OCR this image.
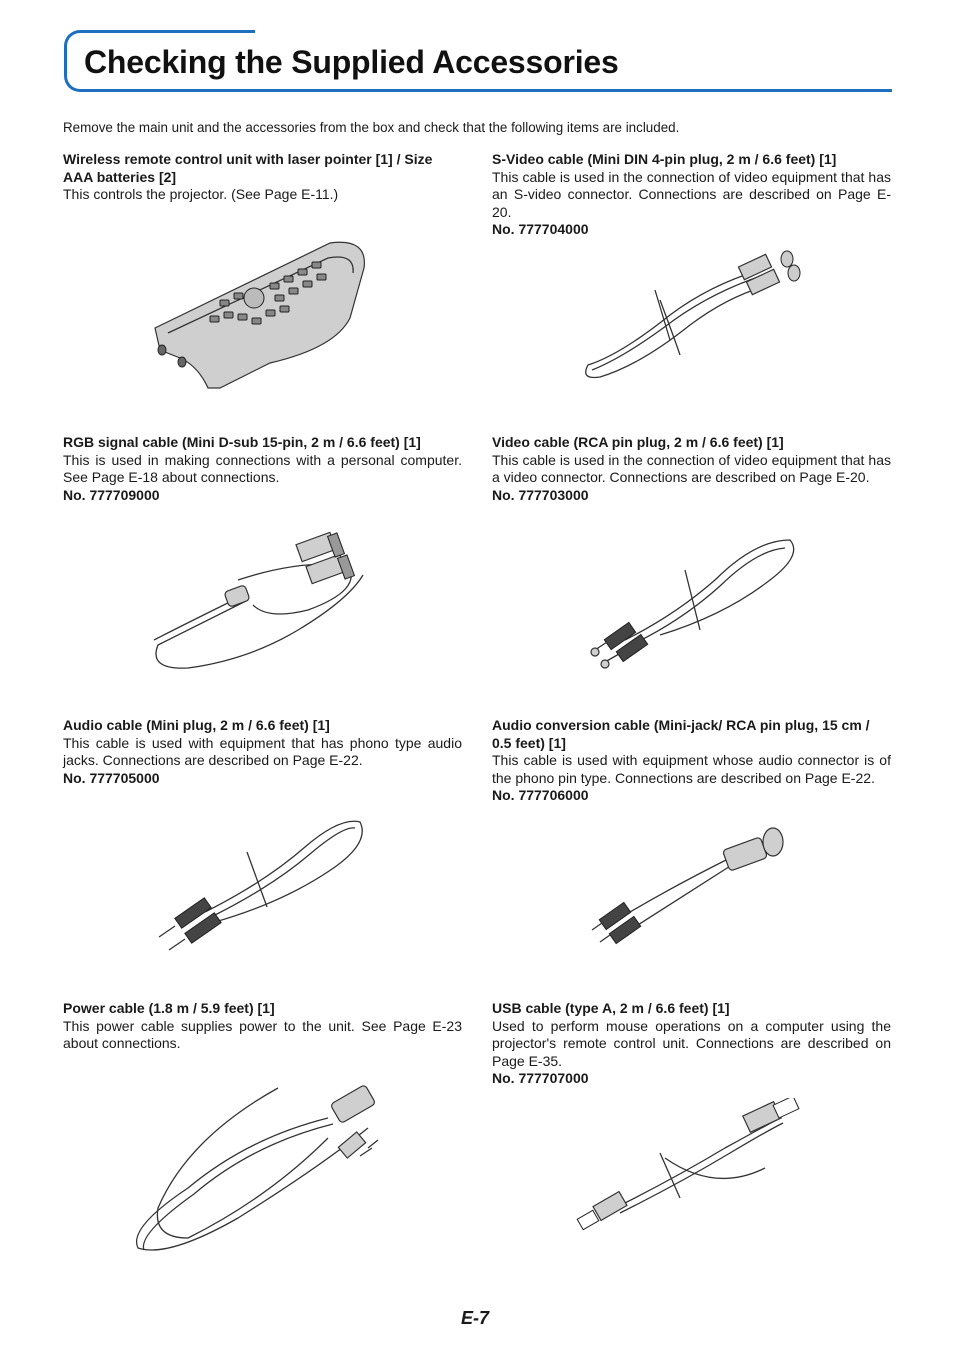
Checking the Supplied Accessories

Remove the main unit and the accessories from the box and check that the following items are included.

Wireless remote control unit with laser pointer [1] / Size AAA batteries [2]
This controls the projector. (See Page E-11.)
S-Video cable (Mini DIN 4-pin plug, 2 m / 6.6 feet) [1]
This cable is used in the connection of video equipment that has an S-video connector. Connections are described on Page E-20.
No. 777704000
RGB signal cable (Mini D-sub 15-pin, 2 m / 6.6 feet) [1]
This is used in making connections with a personal computer. See Page E-18 about connections.
No. 777709000
Video cable (RCA pin plug, 2 m / 6.6 feet) [1]
This cable is used in the connection of video equipment that has a video connector. Connections are described on Page E-20.
No. 777703000
Audio cable (Mini plug, 2 m / 6.6 feet) [1]
This cable is used with equipment that has phono type audio jacks. Connections are described on Page E-22.
No. 777705000
Audio conversion cable (Mini-jack/ RCA pin plug, 15 cm / 0.5 feet) [1]
This cable is used with equipment whose audio connector is of the phono pin type. Connections are described on Page E-22.
No. 777706000
Power cable (1.8 m / 5.9 feet) [1]
This power cable supplies power to the unit. See Page E-23 about connections.
USB cable (type A, 2 m / 6.6 feet) [1]
Used to perform mouse operations on a computer using the projector's remote control unit. Connections are described on Page E-35.
No. 777707000
E-7
